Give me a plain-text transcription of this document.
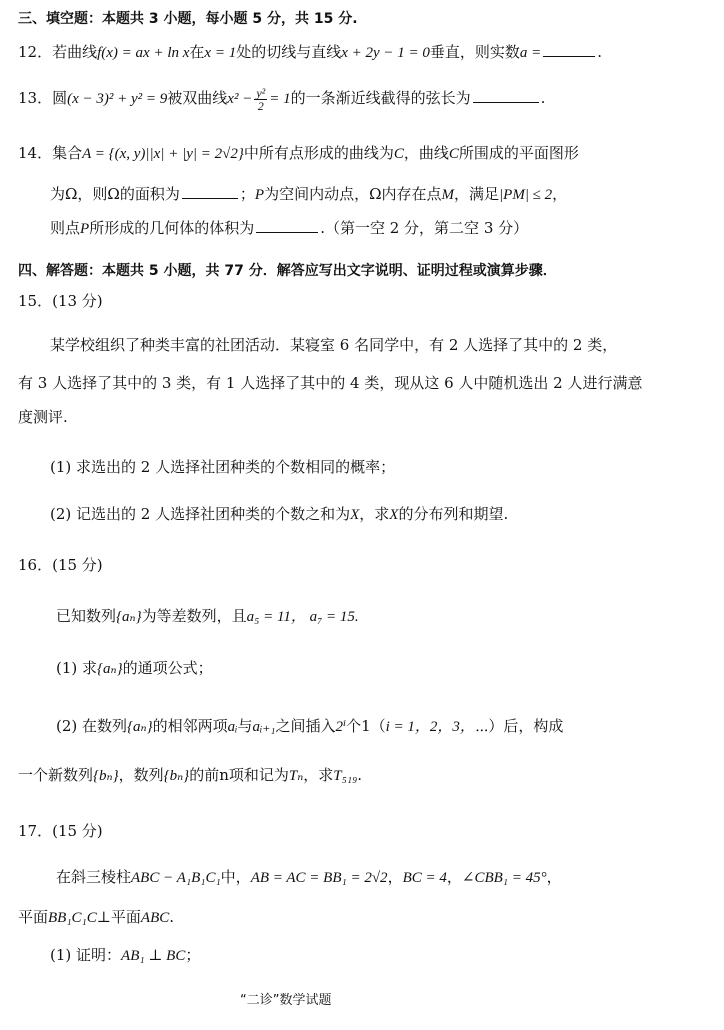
三、填空题：本题共 3 小题，每小题 5 分，共 15 分.
12．若曲线f(x) = ax + ln x在x = 1处的切线与直线x + 2y − 1 = 0垂直，则实数a =	.
13．圆(x − 3)² + y² = 9被双曲线$x^2 - \frac{\text{y²}}{2} = 1$的一条渐近线截得的弦长为	.
14．集合A = {(x, y)||x| + |y| = 2√2}中所有点形成的曲线为C，曲线C所围成的平面图形
为Ω，则Ω的面积为	；P为空间内动点，Ω内存在点M，满足|PM| ≤ 2，
则点P所形成的几何体的体积为	.（第一空 2 分，第二空 3 分）
四、解答题：本题共 5 小题，共 77 分．解答应写出文字说明、证明过程或演算步骤．
15．(13 分)
某学校组织了种类丰富的社团活动．某寝室 6 名同学中，有 2 人选择了其中的 2 类，
有 3 人选择了其中的 3 类，有 1 人选择了其中的 4 类，现从这 6 人中随机选出 2 人进行满意
度测评.
(1) 求选出的 2 人选择社团种类的个数相同的概率；
(2) 记选出的 2 人选择社团种类的个数之和为X，求X的分布列和期望.
16．(15 分)
已知数列{aₙ}为等差数列，且a₅ = 11， a₇ = 15.
(1) 求{aₙ}的通项公式；
(2) 在数列{aₙ}的相邻两项aᵢ与aᵢ₊₁之间插入2ⁱ个1（i = 1，2，3，⋯）后，构成
一个新数列{bₙ}，数列{bₙ}的前n项和记为Tₙ，求T₅₁₉.
17．(15 分)
在斜三棱柱ABC − A₁B₁C₁中，AB = AC = BB₁ = 2√2，BC = 4，∠CBB₁ = 45°，
平面BB₁C₁C⊥平面ABC.
(1) 证明：AB₁ ⊥ BC；
“二诊”数学试题
